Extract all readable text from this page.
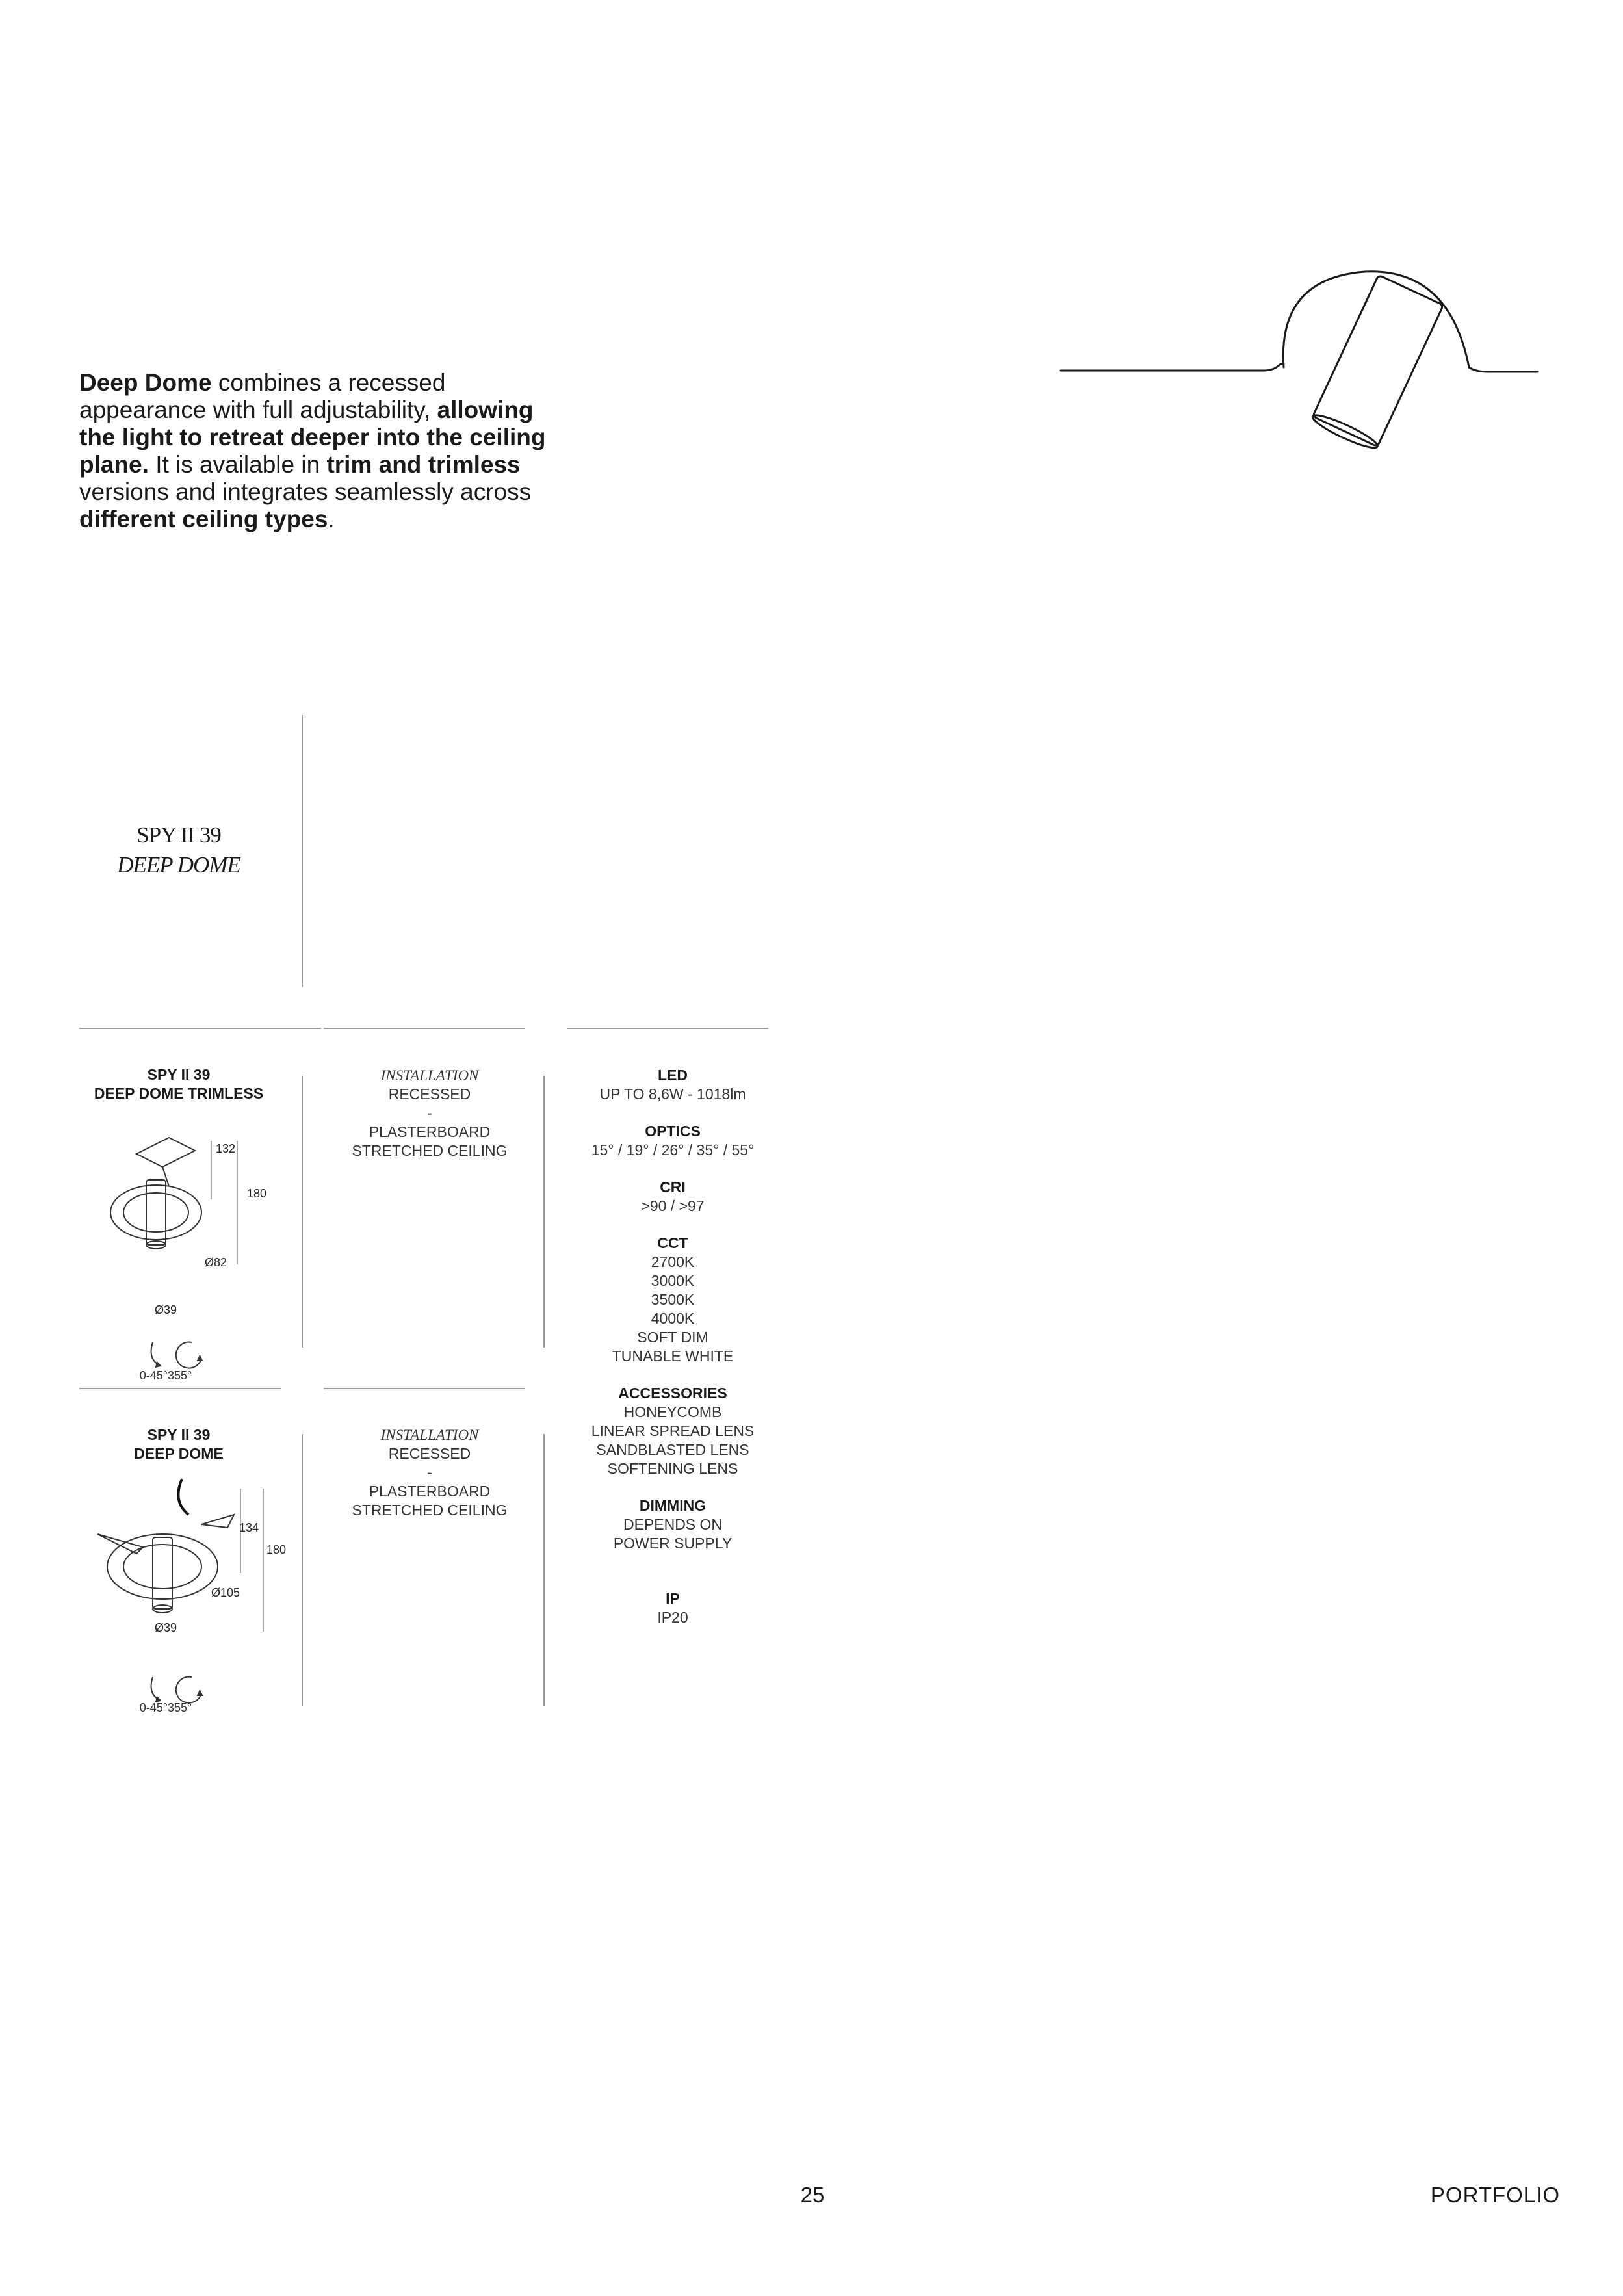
Deep Dome combines a recessed appearance with full adjustability, allowing the light to retreat deeper into the ceiling plane. It is available in trim and trimless versions and integrates seamlessly across different ceiling types.
SPY II 39
DEEP DOME
SPY II 39
DEEP DOME TRIMLESS
132
180
Ø82
Ø39
0-45°355°
INSTALLATION
RECESSED
-
PLASTERBOARD
STRETCHED CEILING
SPY II 39
DEEP DOME
134
180
Ø105
Ø39
0-45°355°
INSTALLATION
RECESSED
-
PLASTERBOARD
STRETCHED CEILING
LED
UP TO 8,6W - 1018lm
OPTICS
15° / 19° / 26° / 35° / 55°
CRI
>90 / >97
CCT
2700K
3000K
3500K
4000K
SOFT DIM
TUNABLE WHITE
ACCESSORIES
HONEYCOMB
LINEAR SPREAD LENS
SANDBLASTED LENS
SOFTENING LENS
DIMMING
DEPENDS ON
POWER SUPPLY
IP
IP20
25	PORTFOLIO
